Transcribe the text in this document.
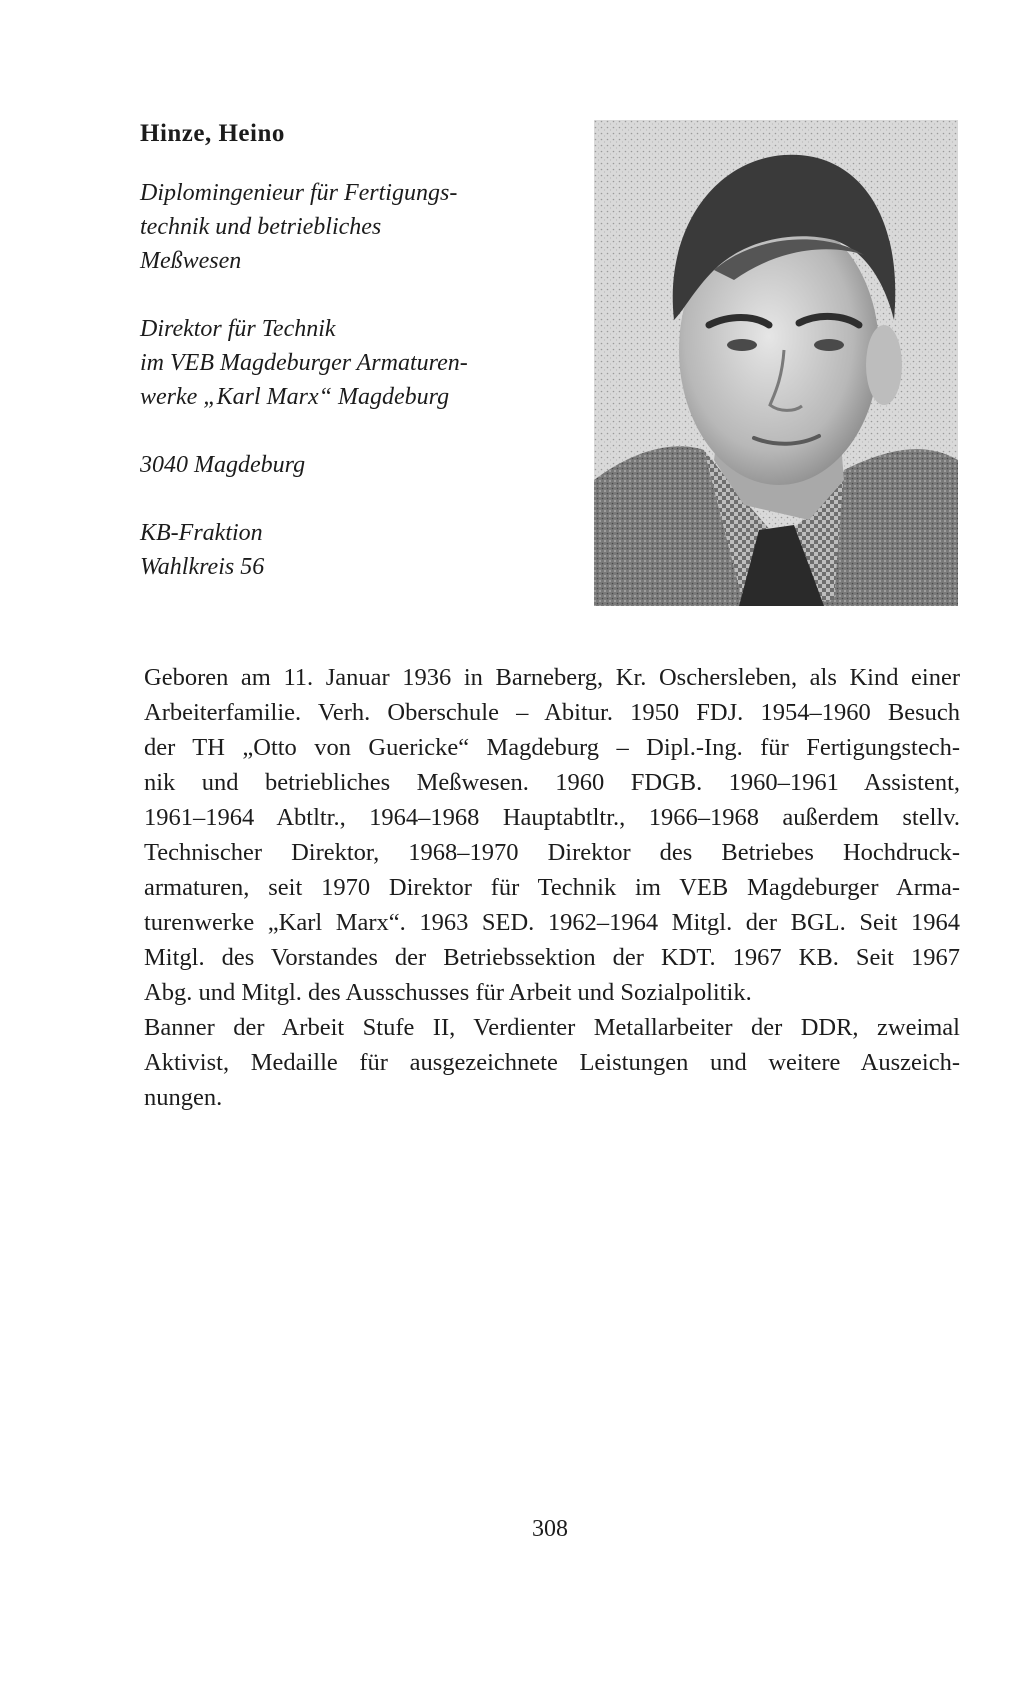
Hinze, Heino

Diplomingenieur für Fertigungs-
technik und betriebliches
Meßwesen

Direktor für Technik
im VEB Magdeburger Armaturen-
werke „Karl Marx“ Magdeburg

3040 Magdeburg

KB-Fraktion
Wahlkreis 56

Geboren am 11. Januar 1936 in Barneberg, Kr. Oschersleben, als Kind einer
Arbeiterfamilie. Verh. Oberschule – Abitur. 1950 FDJ. 1954–1960 Besuch
der TH „Otto von Guericke“ Magdeburg – Dipl.-Ing. für Fertigungstech-
nik und betriebliches Meßwesen. 1960 FDGB. 1960–1961 Assistent,
1961–1964 Abtltr., 1964–1968 Hauptabtltr., 1966–1968 außerdem stellv.
Technischer Direktor, 1968–1970 Direktor des Betriebes Hochdruck-
armaturen, seit 1970 Direktor für Technik im VEB Magdeburger Arma-
turenwerke „Karl Marx“. 1963 SED. 1962–1964 Mitgl. der BGL. Seit 1964
Mitgl. des Vorstandes der Betriebssektion der KDT. 1967 KB. Seit 1967
Abg. und Mitgl. des Ausschusses für Arbeit und Sozialpolitik.
Banner der Arbeit Stufe II, Verdienter Metallarbeiter der DDR, zweimal
Aktivist, Medaille für ausgezeichnete Leistungen und weitere Auszeich-
nungen.

308
